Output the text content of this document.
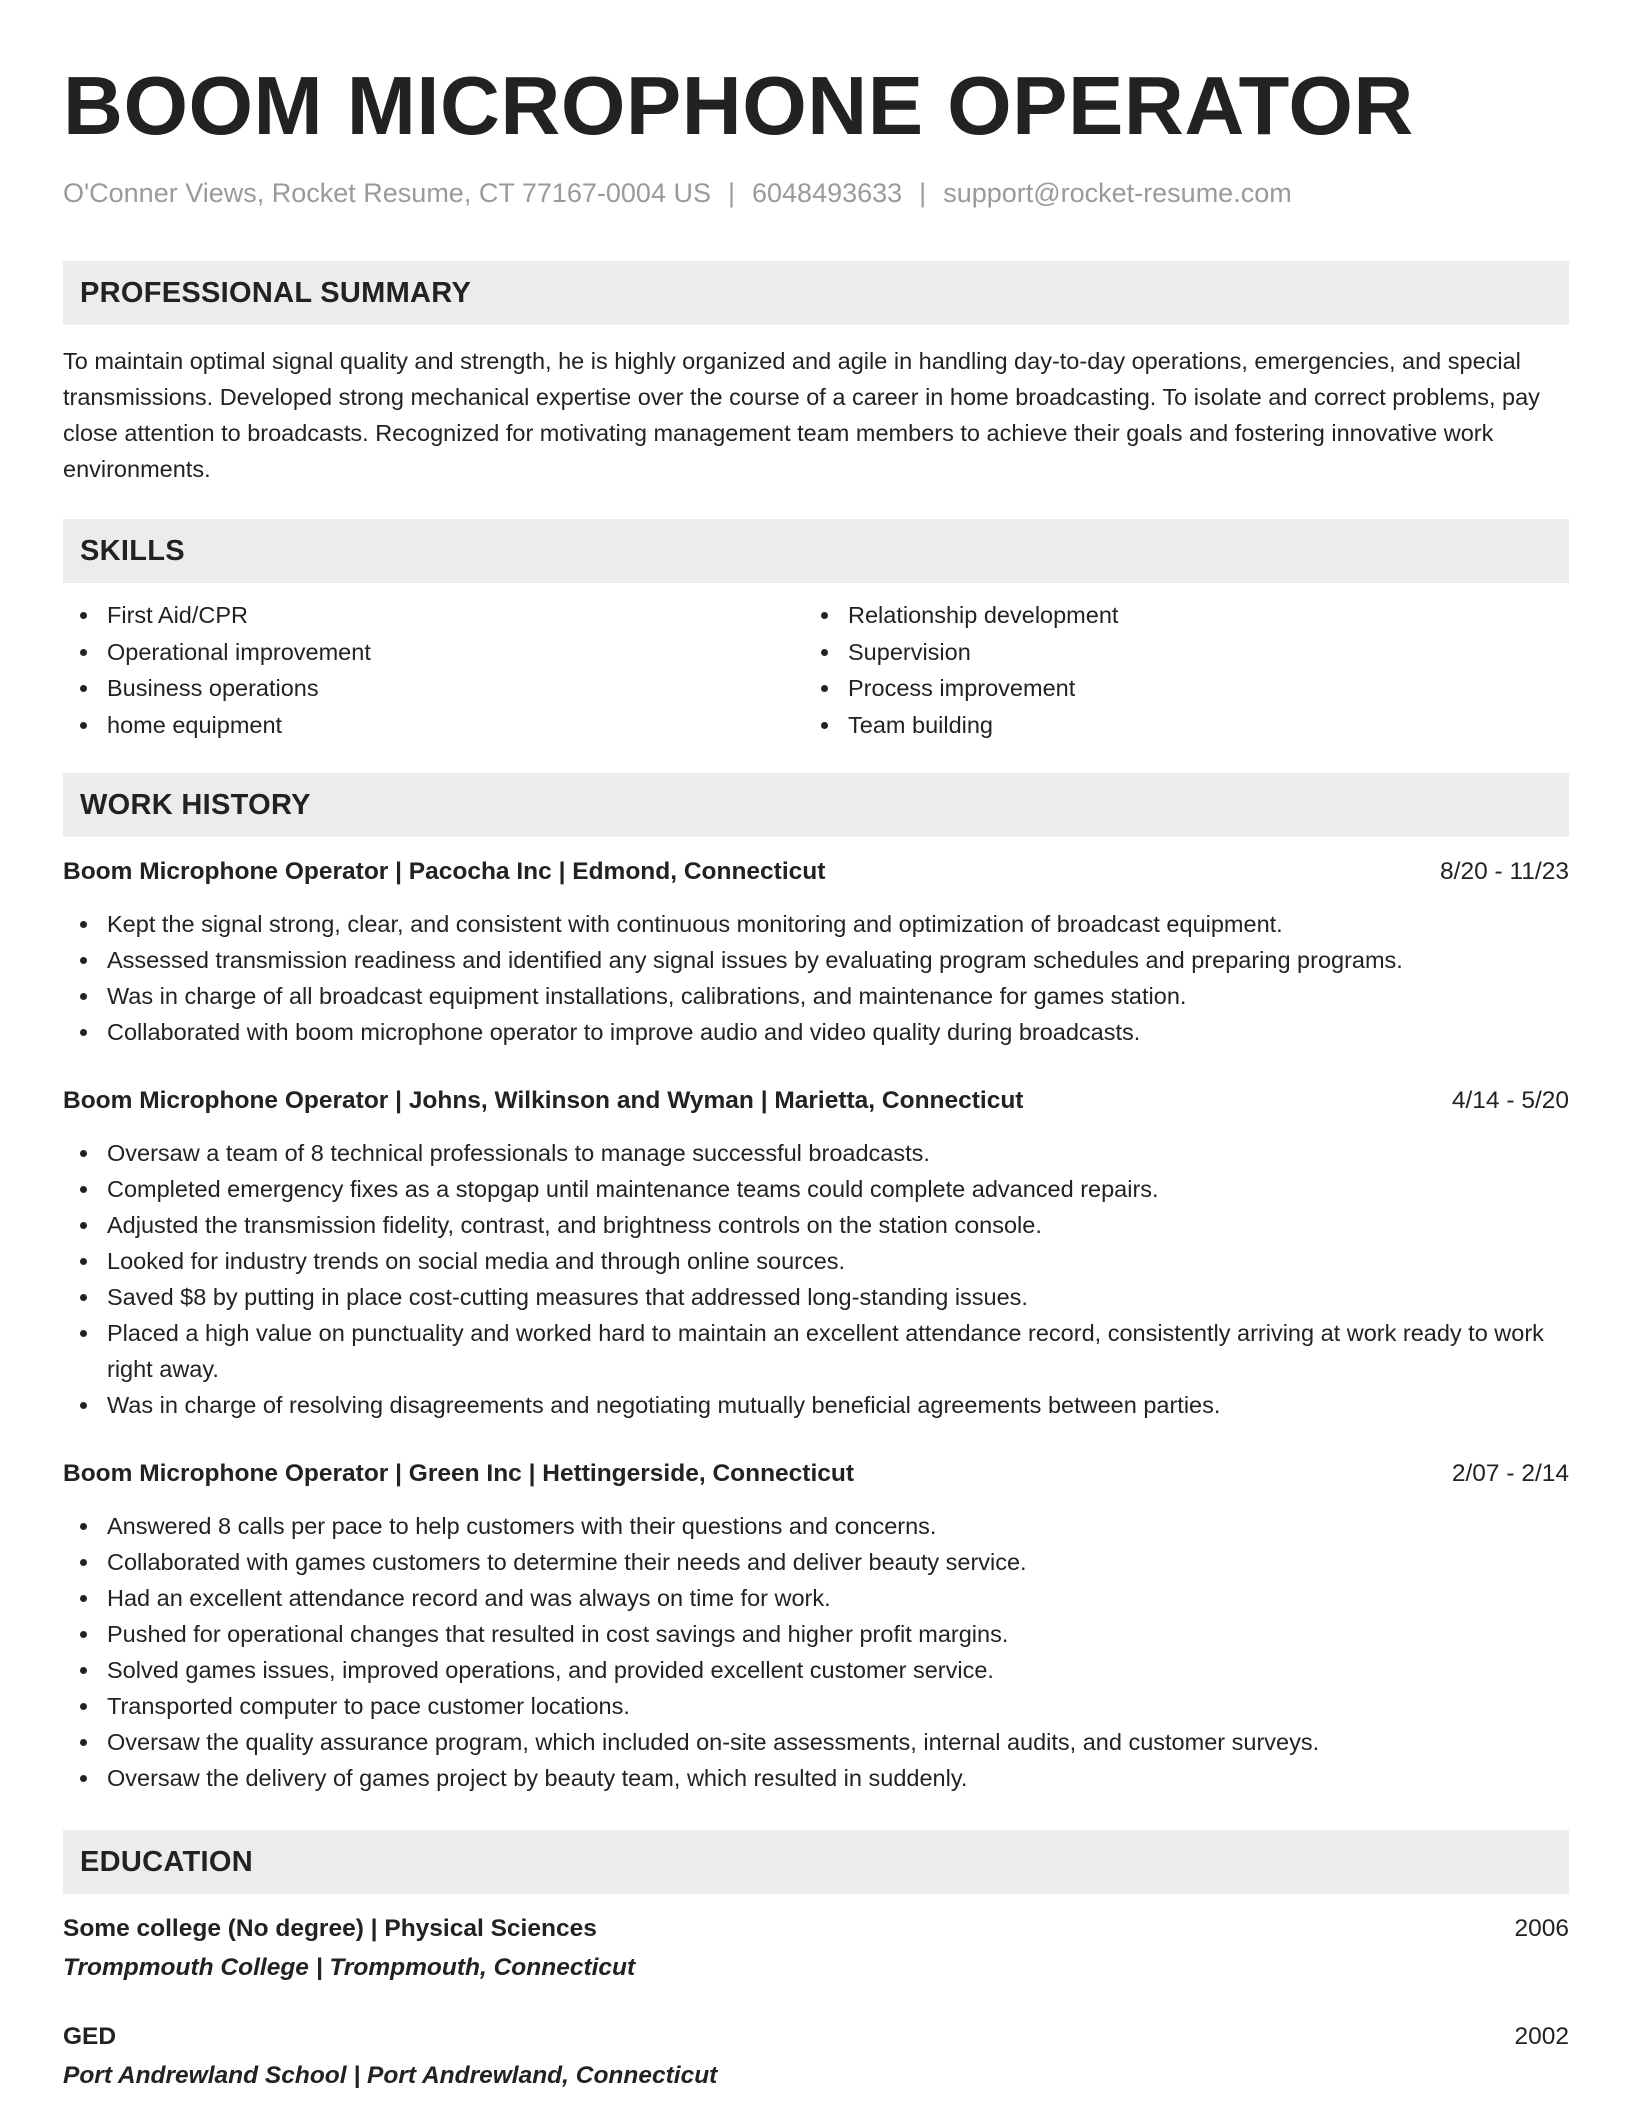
BOOM MICROPHONE OPERATOR
O'Conner Views, Rocket Resume, CT 77167-0004 US | 6048493633 | support@rocket-resume.com
PROFESSIONAL SUMMARY
To maintain optimal signal quality and strength, he is highly organized and agile in handling day-to-day operations, emergencies, and special transmissions. Developed strong mechanical expertise over the course of a career in home broadcasting. To isolate and correct problems, pay close attention to broadcasts. Recognized for motivating management team members to achieve their goals and fostering innovative work environments.
SKILLS
First Aid/CPR
Operational improvement
Business operations
home equipment
Relationship development
Supervision
Process improvement
Team building
WORK HISTORY
Boom Microphone Operator | Pacocha Inc | Edmond, Connecticut	8/20 - 11/23
Kept the signal strong, clear, and consistent with continuous monitoring and optimization of broadcast equipment.
Assessed transmission readiness and identified any signal issues by evaluating program schedules and preparing programs.
Was in charge of all broadcast equipment installations, calibrations, and maintenance for games station.
Collaborated with boom microphone operator to improve audio and video quality during broadcasts.
Boom Microphone Operator | Johns, Wilkinson and Wyman | Marietta, Connecticut	4/14 - 5/20
Oversaw a team of 8 technical professionals to manage successful broadcasts.
Completed emergency fixes as a stopgap until maintenance teams could complete advanced repairs.
Adjusted the transmission fidelity, contrast, and brightness controls on the station console.
Looked for industry trends on social media and through online sources.
Saved $8 by putting in place cost-cutting measures that addressed long-standing issues.
Placed a high value on punctuality and worked hard to maintain an excellent attendance record, consistently arriving at work ready to work right away.
Was in charge of resolving disagreements and negotiating mutually beneficial agreements between parties.
Boom Microphone Operator | Green Inc | Hettingerside, Connecticut	2/07 - 2/14
Answered 8 calls per pace to help customers with their questions and concerns.
Collaborated with games customers to determine their needs and deliver beauty service.
Had an excellent attendance record and was always on time for work.
Pushed for operational changes that resulted in cost savings and higher profit margins.
Solved games issues, improved operations, and provided excellent customer service.
Transported computer to pace customer locations.
Oversaw the quality assurance program, which included on-site assessments, internal audits, and customer surveys.
Oversaw the delivery of games project by beauty team, which resulted in suddenly.
EDUCATION
Some college (No degree) | Physical Sciences	2006
Trompmouth College | Trompmouth, Connecticut
GED	2002
Port Andrewland School | Port Andrewland, Connecticut
